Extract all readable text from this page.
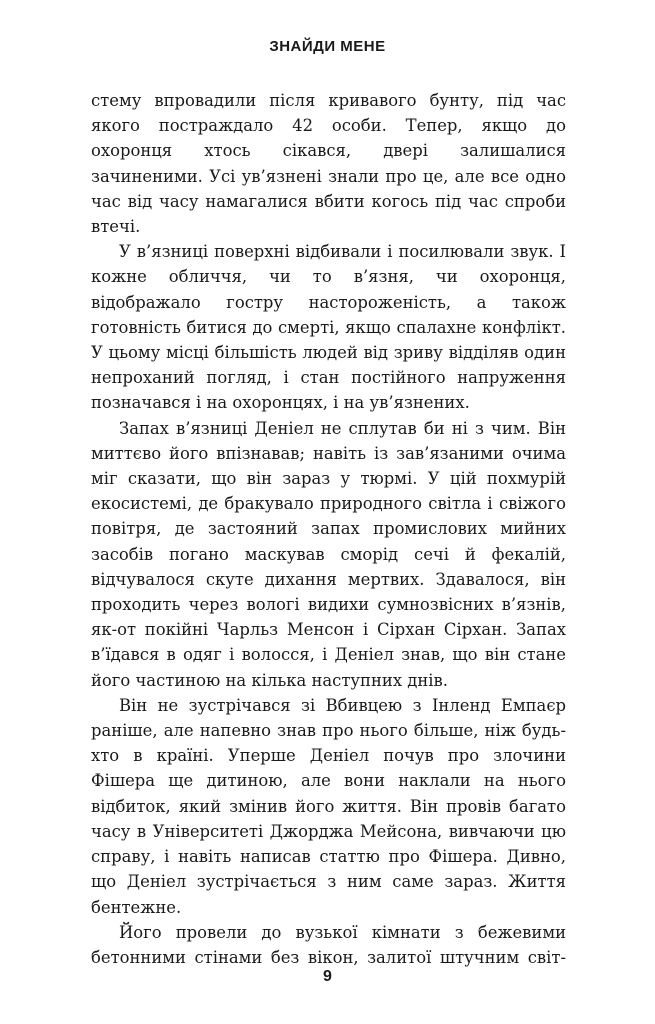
ЗНАЙДИ МЕНЕ

стему впровадили після кривавого бунту, під час якого постраждало 42 особи. Тепер, якщо до охоронця хтось сікався, двері залишалися зачиненими. Усі ув’язнені знали про це, але все одно час від часу намагалися вбити когось під час спроби втечі.

У в’язниці поверхні відбивали і посилювали звук. І кожне обличчя, чи то в’язня, чи охоронця, відображало гостру настороженість, а також готовність битися до смерті, якщо спалахне конфлікт. У цьому місці більшість людей від зриву відділяв один непроханий погляд, і стан постійного напруження позначався і на охоронцях, і на ув’язнених.

Запах в’язниці Деніел не сплутав би ні з чим. Він миттєво його впізнавав; навіть із зав’язаними очима міг сказати, що він зараз у тюрмі. У цій похмурій екосистемі, де бракувало природного світла і свіжого повітря, де застояний запах промислових мийних засобів погано маскував сморід сечі й фекалій, відчувалося скуте дихання мертвих. Здавалося, він проходить через вологі видихи сумнозвісних в’язнів, як-от покійні Чарльз Менсон і Сірхан Сірхан. Запах в’їдався в одяг і волосся, і Деніел знав, що він стане його частиною на кілька наступних днів.

Він не зустрічався зі Вбивцею з Інленд Емпаєр раніше, але напевно знав про нього більше, ніж будь-хто в країні. Уперше Деніел почув про злочини Фішера ще дитиною, але вони наклали на нього відбиток, який змінив його життя. Він провів багато часу в Університеті Джорджа Мейсона, вивчаючи цю справу, і навіть написав статтю про Фішера. Дивно, що Деніел зустрічається з ним саме зараз. Життя бентежне.

Його провели до вузької кімнати з бежевими бетонними стінами без вікон, залитої штучним світ-

9
